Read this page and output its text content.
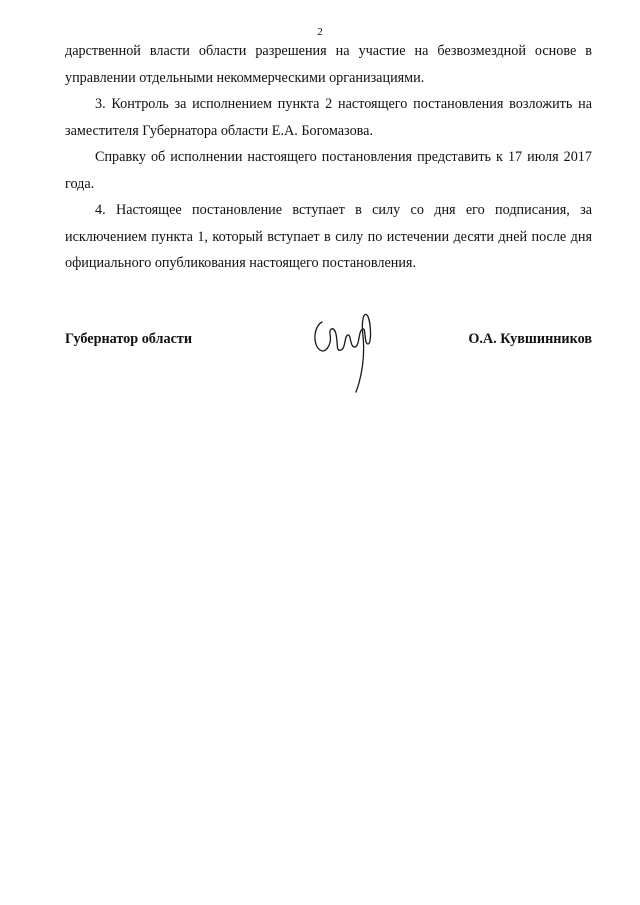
2

дарственной власти области разрешения на участие на безвозмездной основе в управлении отдельными некоммерческими организациями.

3. Контроль за исполнением пункта 2 настоящего постановления возложить на заместителя Губернатора области Е.А. Богомазова.

Справку об исполнении настоящего постановления представить к 17 июля 2017 года.

4. Настоящее постановление вступает в силу со дня его подписания, за исключением пункта 1, который вступает в силу по истечении десяти дней после дня официального опубликования настоящего постановления.

Губернатор области	О.А. Кувшинников
